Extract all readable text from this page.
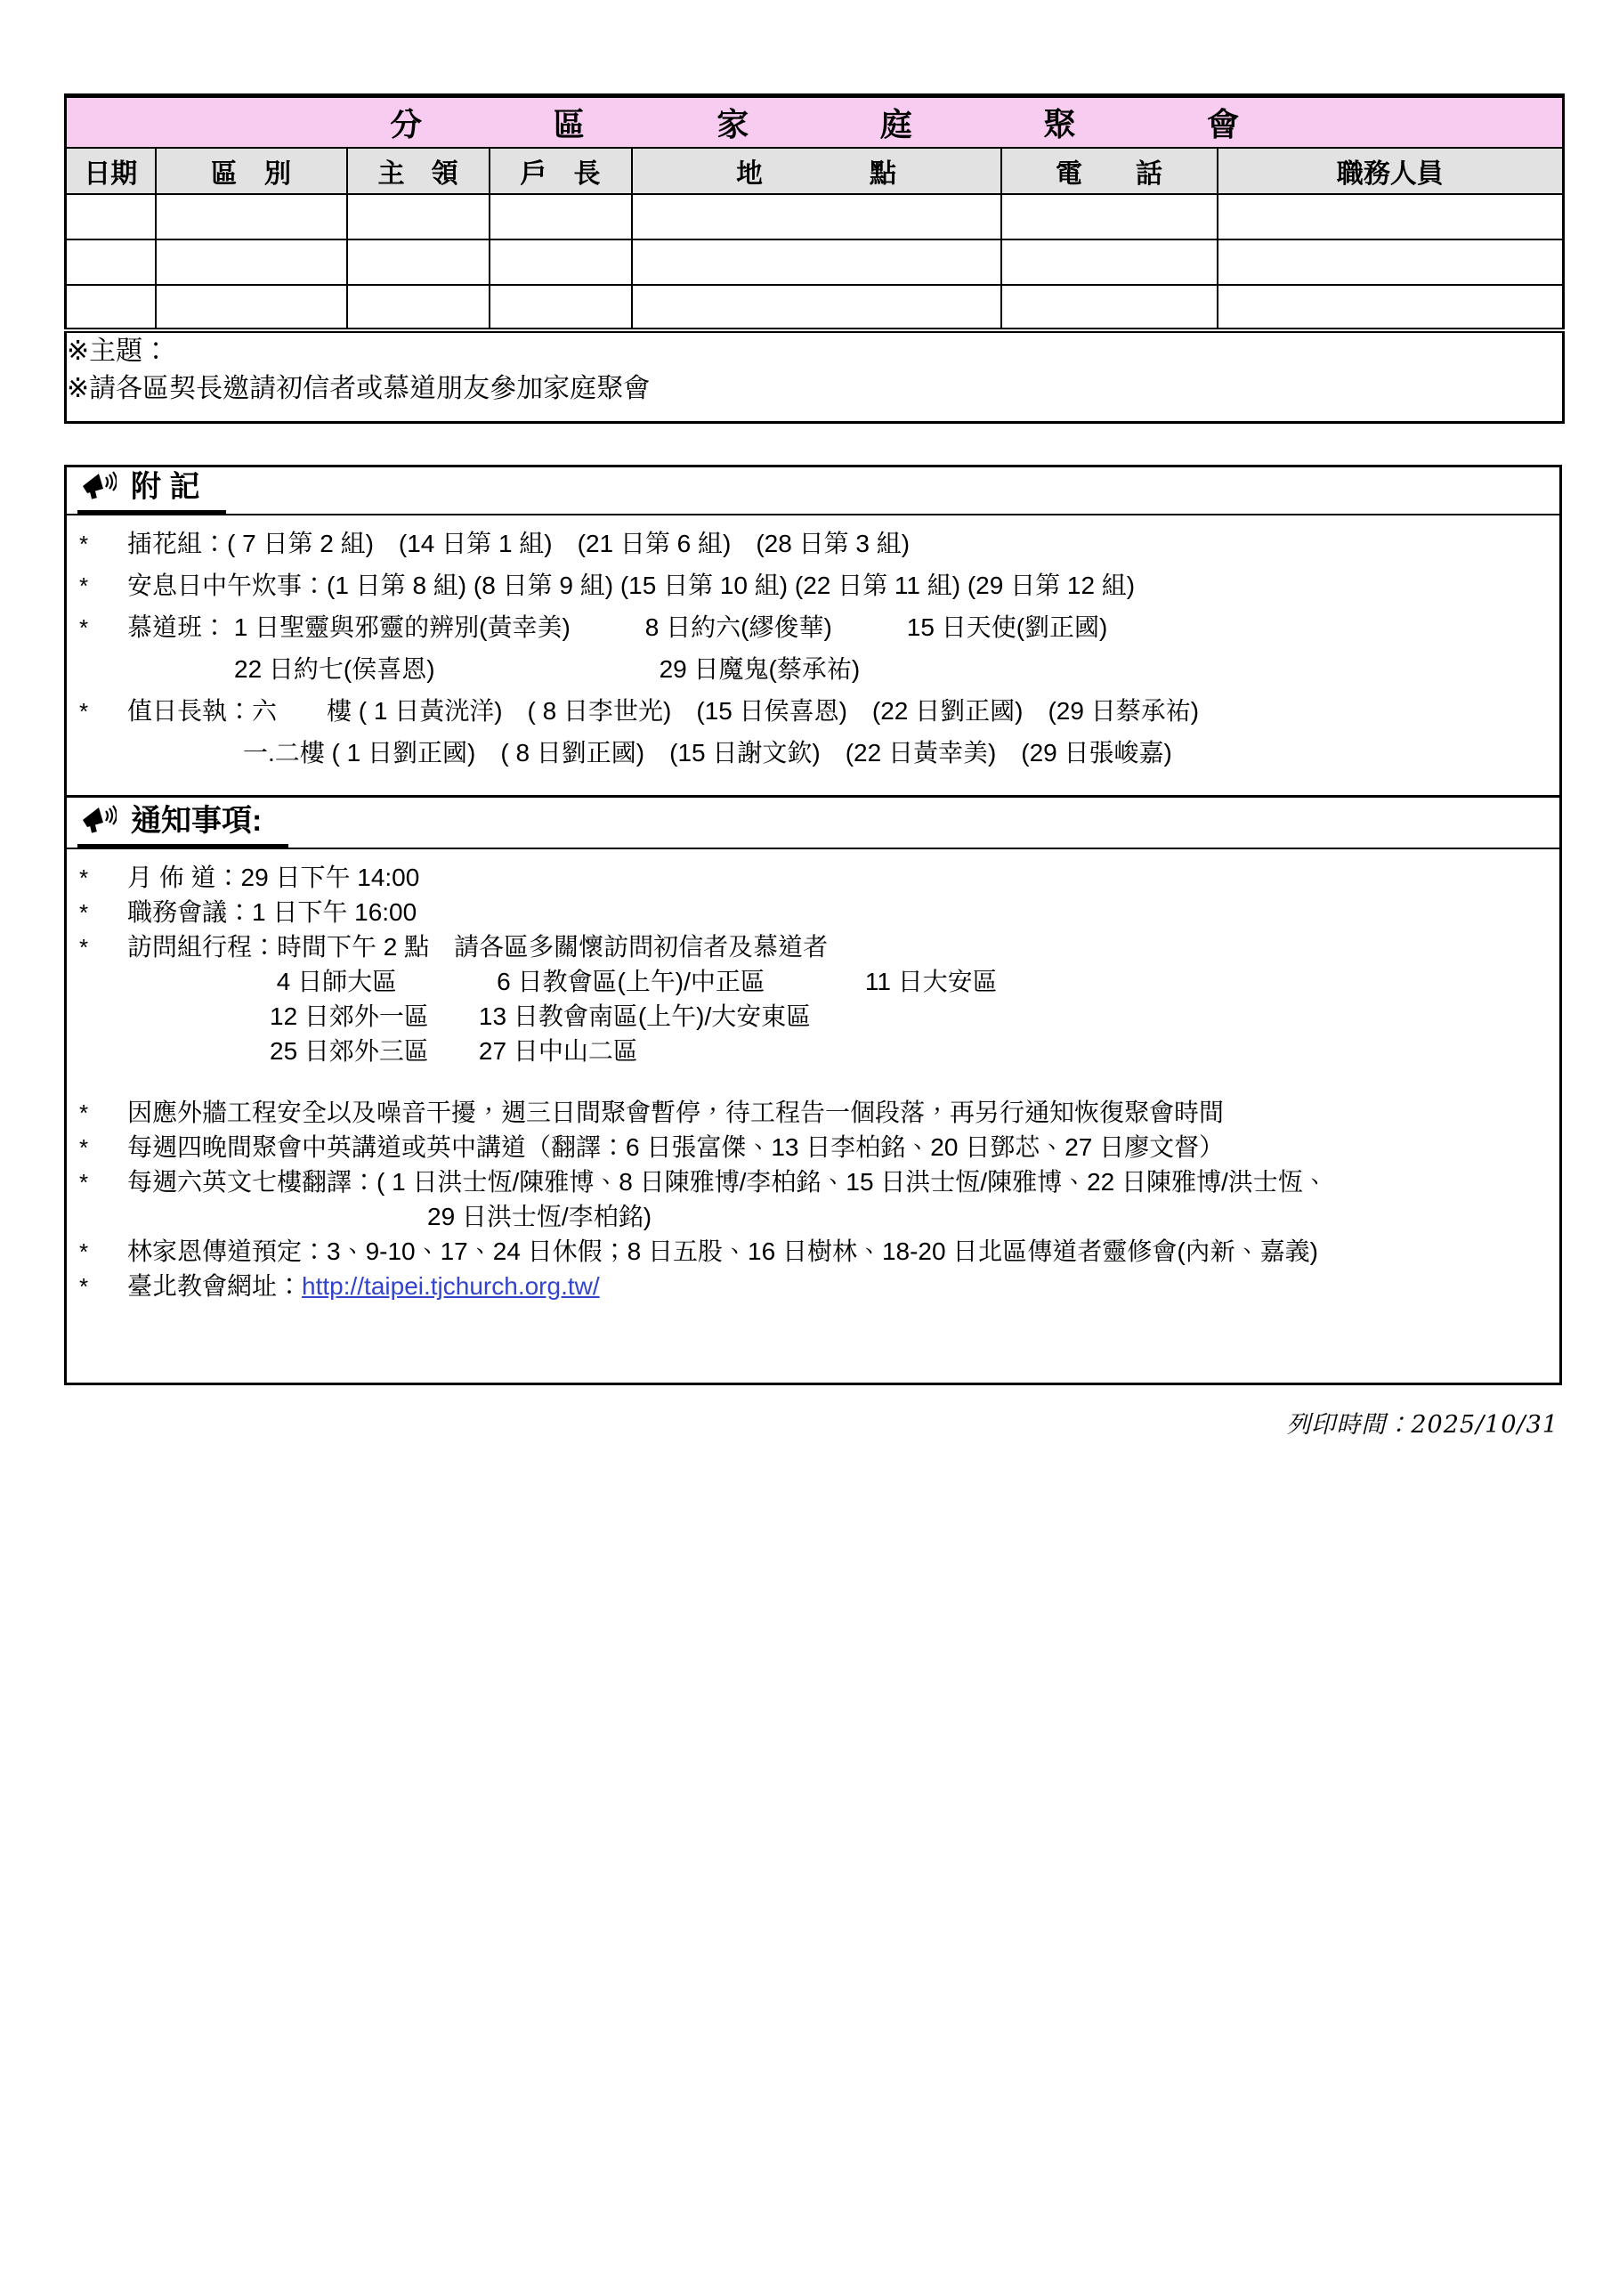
分區家庭聚會						
日期	區　別	主　領	戶　長	地　　　　點	電　　話	職務人員

※主題：
※請各區契長邀請初信者或慕道朋友參加家庭聚會						
附 記
*	插花組：( 7 日第 2 組)　(14 日第 1 組)　(21 日第 6 組)　(28 日第 3 組)
*	安息日中午炊事：(1 日第 8 組) (8 日第 9 組) (15 日第 10 組) (22 日第 11 組) (29 日第 12 組)
*	慕道班： 1 日聖靈與邪靈的辨別(黃幸美)　　　8 日約六(繆俊華)　　　15 日天使(劉正國)
22 日約七(侯喜恩)　　　　　　　　　29 日魔鬼(蔡承祐)
*	值日長執：六　　樓 ( 1 日黃洸洋)　( 8 日李世光)　(15 日侯喜恩)　(22 日劉正國)　(29 日蔡承祐)
一.二樓 ( 1 日劉正國)　( 8 日劉正國)　(15 日謝文欽)　(22 日黃幸美)　(29 日張峻嘉)
通知事項:
*	月 佈 道：29 日下午 14:00
*	職務會議：1 日下午 16:00
*	訪問組行程：時間下午 2 點　請各區多關懷訪問初信者及慕道者
4 日師大區　　　　6 日教會區(上午)/中正區　　　　11 日大安區
12 日郊外一區　　13 日教會南區(上午)/大安東區
25 日郊外三區　　27 日中山二區
*	因應外牆工程安全以及噪音干擾，週三日間聚會暫停，待工程告一個段落，再另行通知恢復聚會時間
*	每週四晚間聚會中英講道或英中講道（翻譯：6 日張富傑、13 日李柏銘、20 日鄧芯、27 日廖文督）
*	每週六英文七樓翻譯：( 1 日洪士恆/陳雅博、8 日陳雅博/李柏銘、15 日洪士恆/陳雅博、22 日陳雅博/洪士恆、
29 日洪士恆/李柏銘)
*	林家恩傳道預定：3、9-10、17、24 日休假；8 日五股、16 日樹林、18-20 日北區傳道者靈修會(內新、嘉義)
*	臺北教會網址：http://taipei.tjchurch.org.tw/
列印時間：2025/10/31
